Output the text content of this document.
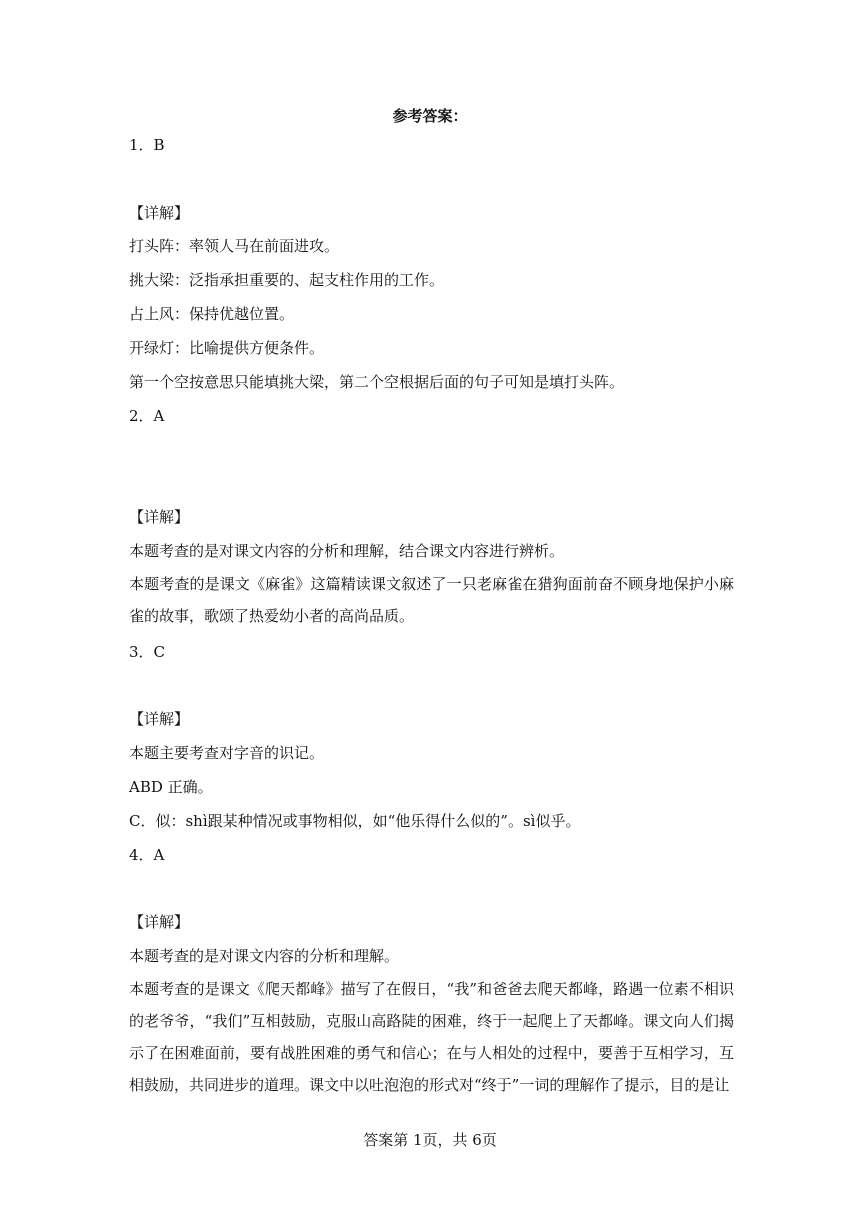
参考答案：
1．B
【详解】
打头阵：率领人马在前面进攻。
挑大梁：泛指承担重要的、起支柱作用的工作。
占上风：保持优越位置。
开绿灯：比喻提供方便条件。
第一个空按意思只能填挑大梁，第二个空根据后面的句子可知是填打头阵。
2．A
【详解】
本题考查的是对课文内容的分析和理解，结合课文内容进行辨析。
本题考查的是课文《麻雀》这篇精读课文叙述了一只老麻雀在猎狗面前奋不顾身地保护小麻雀的故事，歌颂了热爱幼小者的高尚品质。
3．C
【详解】
本题主要考查对字音的识记。
ABD 正确。
C．似：shì跟某种情况或事物相似，如“他乐得什么似的”。sì似乎。
4．A
【详解】
本题考查的是对课文内容的分析和理解。
本题考查的是课文《爬天都峰》描写了在假日，“我”和爸爸去爬天都峰，路遇一位素不相识的老爷爷，“我们”互相鼓励，克服山高路陡的困难，终于一起爬上了天都峰。课文向人们揭示了在困难面前，要有战胜困难的勇气和信心；在与人相处的过程中，要善于互相学习，互相鼓励，共同进步的道理。课文中以吐泡泡的形式对“终于”一词的理解作了提示，目的是让
答案第 1页，共 6页
